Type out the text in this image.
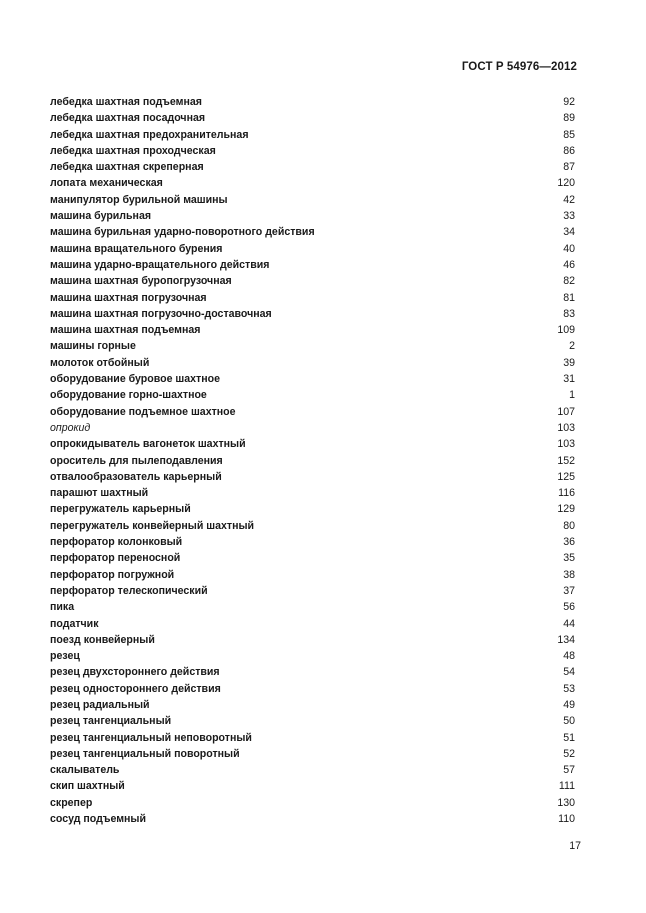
ГОСТ Р 54976—2012
лебедка шахтная подъемная	92
лебедка шахтная посадочная	89
лебедка шахтная предохранительная	85
лебедка шахтная проходческая	86
лебедка шахтная скреперная	87
лопата механическая	120
манипулятор бурильной машины	42
машина бурильная	33
машина бурильная ударно-поворотного действия	34
машина вращательного бурения	40
машина ударно-вращательного действия	46
машина шахтная буропогрузочная	82
машина шахтная погрузочная	81
машина шахтная погрузочно-доставочная	83
машина шахтная подъемная	109
машины горные	2
молоток отбойный	39
оборудование буровое шахтное	31
оборудование горно-шахтное	1
оборудование подъемное шахтное	107
опрокид	103
опрокидыватель вагонеток шахтный	103
ороситель для пылеподавления	152
отвалообразователь карьерный	125
парашют шахтный	116
перегружатель карьерный	129
перегружатель конвейерный шахтный	80
перфоратор колонковый	36
перфоратор переносной	35
перфоратор погружной	38
перфоратор телескопический	37
пика	56
податчик	44
поезд конвейерный	134
резец	48
резец двухстороннего действия	54
резец одностороннего действия	53
резец радиальный	49
резец тангенциальный	50
резец тангенциальный неповоротный	51
резец тангенциальный поворотный	52
скалыватель	57
скип шахтный	111
скрепер	130
сосуд подъемный	110
17
